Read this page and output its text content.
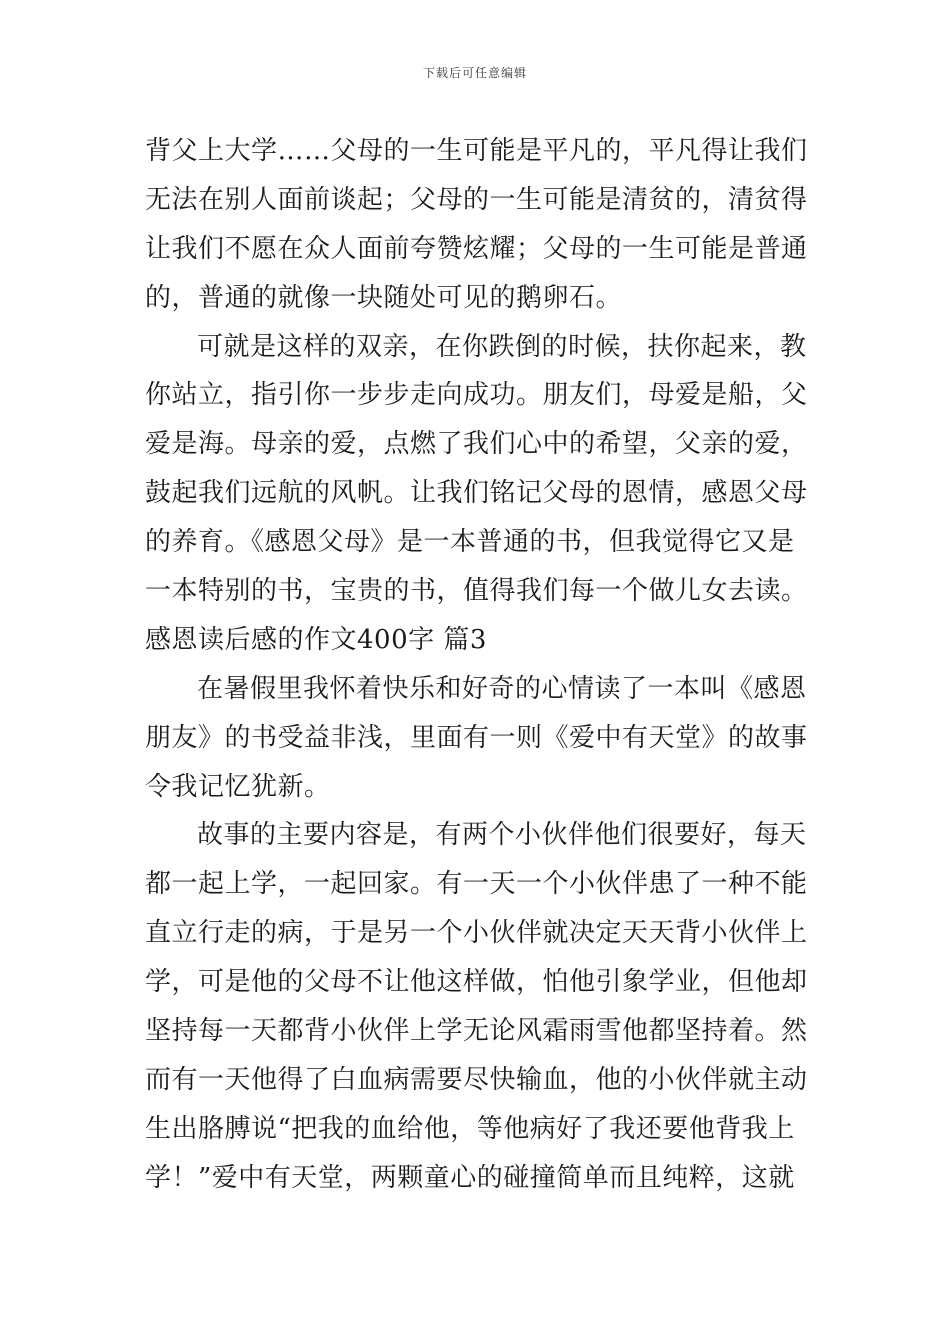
下载后可任意编辑
背父上大学……父母的一生可能是平凡的，平凡得让我们
无法在别人面前谈起；父母的一生可能是清贫的，清贫得
让我们不愿在众人面前夸赞炫耀；父母的一生可能是普通
的，普通的就像一块随处可见的鹅卵石。
可就是这样的双亲，在你跌倒的时候，扶你起来，教
你站立，指引你一步步走向成功。朋友们，母爱是船，父
爱是海。母亲的爱，点燃了我们心中的希望，父亲的爱，
鼓起我们远航的风帆。让我们铭记父母的恩情，感恩父母
的养育。《感恩父母》是一本普通的书，但我觉得它又是
一本特别的书，宝贵的书，值得我们每一个做儿女去读。
感恩读后感的作文400字 篇3
在暑假里我怀着快乐和好奇的心情读了一本叫《感恩
朋友》的书受益非浅，里面有一则《爱中有天堂》的故事
令我记忆犹新。
故事的主要内容是，有两个小伙伴他们很要好，每天
都一起上学，一起回家。有一天一个小伙伴患了一种不能
直立行走的病，于是另一个小伙伴就决定天天背小伙伴上
学，可是他的父母不让他这样做，怕他引象学业，但他却
坚持每一天都背小伙伴上学无论风霜雨雪他都坚持着。然
而有一天他得了白血病需要尽快输血，他的小伙伴就主动
生出胳膊说“把我的血给他，等他病好了我还要他背我上
学！”爱中有天堂，两颗童心的碰撞简单而且纯粹，这就
